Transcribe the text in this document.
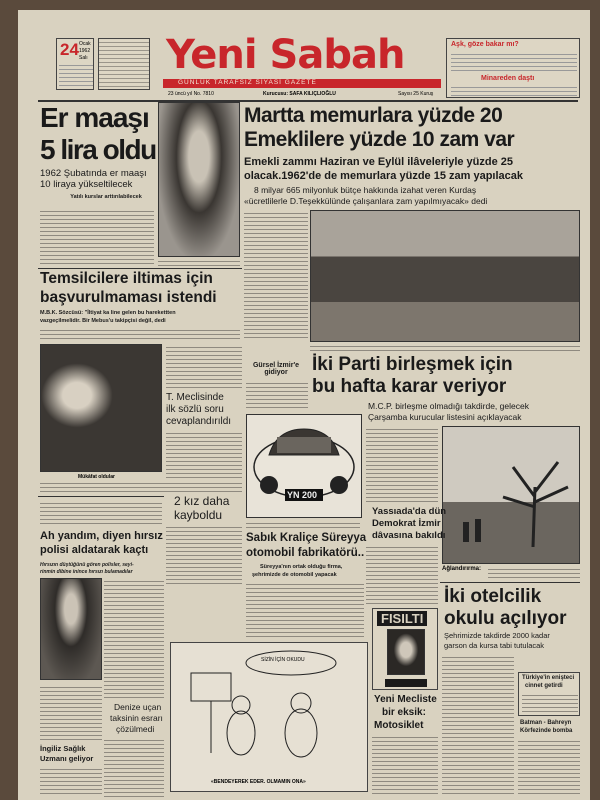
24 Ocak
1962
Salı Yeni Sabah
GÜNLÜK TARAFSIZ SİYASİ GAZETE
23 üncü yıl No. 7810	Kurucusu: SAFA KILIÇLIOĞLU	Sayısı 25 Kuruş
Aşk, göze bakar mı?
Minareden daştı
Er maaşı
5 lira oldu
1962 Şubatında er maaşı 10 liraya yükseltilecek
Yatılı kurslar arttırılabilecek
Martta memurlara yüzde 20
Emeklilere yüzde 10 zam var
Emekli zammı Haziran ve Eylül ilâveleriyle yüzde 25
olacak.1962'de de memurlara yüzde 15 zam yapılacak
8 milyar 665 milyonluk bütçe hakkında izahat veren Kurdaş
«ücretlilerle D.Teşekkülünde çalışanlara zam yapılmıyacak» dedi
Temsilcilere iltimas için
başvurulmaması istendi
M.B.K. Sözcüsü: "İltiyat ka line gelen bu harekettten
vazgeçilmelidir. Bir Mebus'u takipçisi değil, dedi
Mükâfat oldular
T. Meclisinde
ilk sözlü soru
cevaplandırıldı
2 kız daha
kayboldu
Gürsel İzmir'e gidiyor
YN 200
Sabık Kraliçe Süreyya
otomobil fabrikatörü..
Süreyya'nın ortak olduğu firma,
şehrimizde de otomobil yapacak
İki Parti birleşmek için
bu hafta karar veriyor
M.C.P. birleşme olmadığı takdirde, gelecek
Çarşamba kurucular listesini açıklayacak
Ağlandırırma:
Yassıada'da dün
Demokrat İzmir
dâvasına bakıldı
Ah yandım, diyen hırsız
polisi aldatarak kaçtı
Hırsızın düştüğünü gören polisler, seyi-
rinmin dibine inince hırsızı bulamadılar
Denize uçan
taksinin esrarı
çözülmedi
İngiliz Sağlık
Uzmanı geliyor
SİZİN İÇİN OKUDU
«BENDEYEREK EDER. OLMAMIN ONA»
FISILTI
Yeni Mecliste
bir eksik:
Motosiklet
İki otelcilik
okulu açılıyor
Şehrimizde takdirde 2000 kadar
garson da kursa tabi tutulacak
Türkiye'in enişteci
cinnet getirdi
Batman - Bahreyn
Körfezinde bomba
